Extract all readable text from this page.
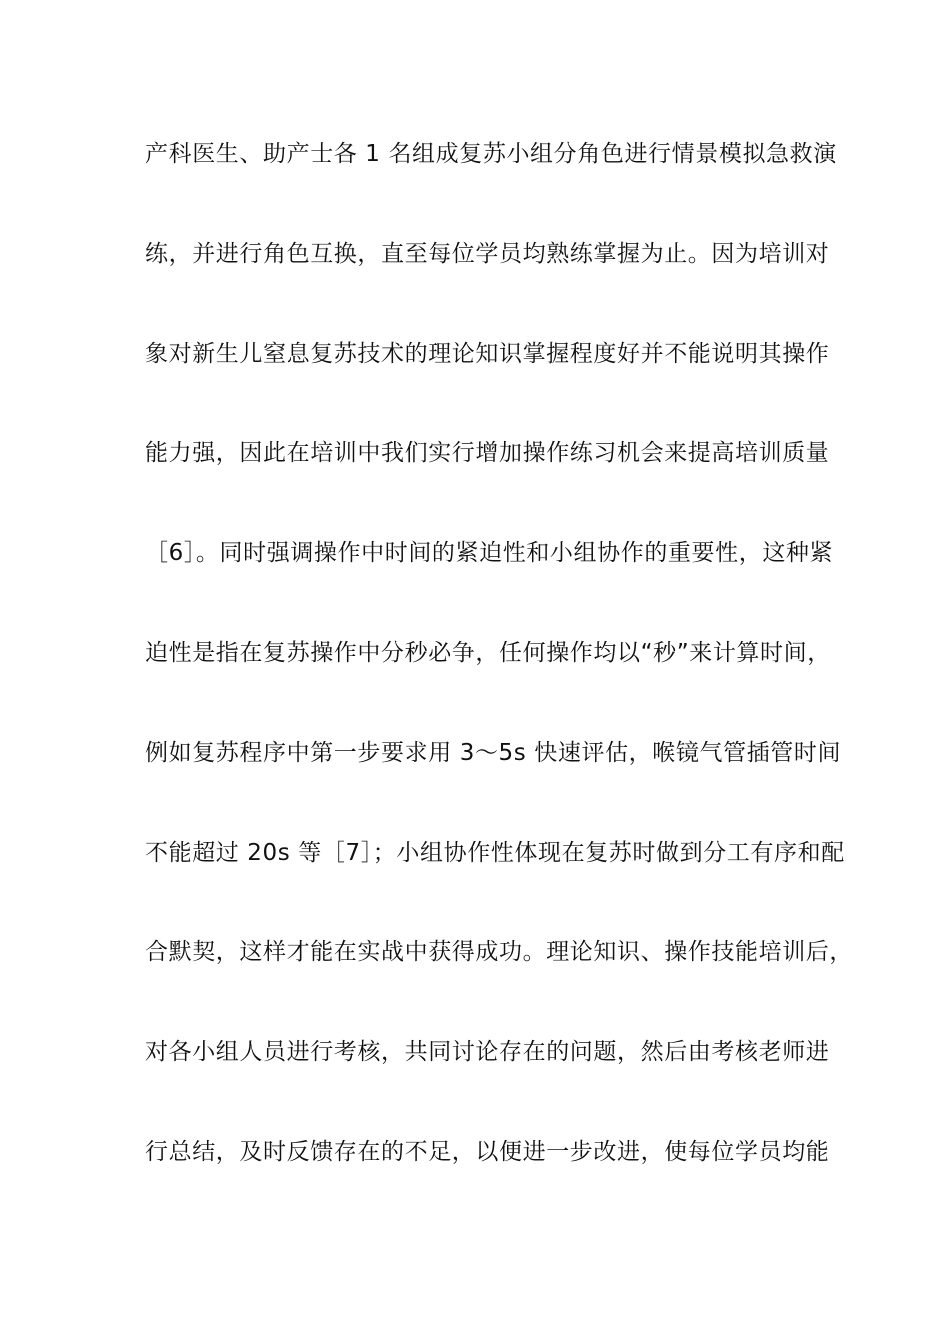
产科医生、助产士各 1 名组成复苏小组分角色进行情景模拟急救演
练，并进行角色互换，直至每位学员均熟练掌握为止。因为培训对
象对新生儿窒息复苏技术的理论知识掌握程度好并不能说明其操作
能力强，因此在培训中我们实行增加操作练习机会来提高培训质量
［6］。同时强调操作中时间的紧迫性和小组协作的重要性，这种紧
迫性是指在复苏操作中分秒必争，任何操作均以“秒”来计算时间，
例如复苏程序中第一步要求用 3～5s 快速评估，喉镜气管插管时间
不能超过 20s 等［7］；小组协作性体现在复苏时做到分工有序和配
合默契，这样才能在实战中获得成功。理论知识、操作技能培训后，
对各小组人员进行考核，共同讨论存在的问题，然后由考核老师进
行总结，及时反馈存在的不足，以便进一步改进，使每位学员均能
